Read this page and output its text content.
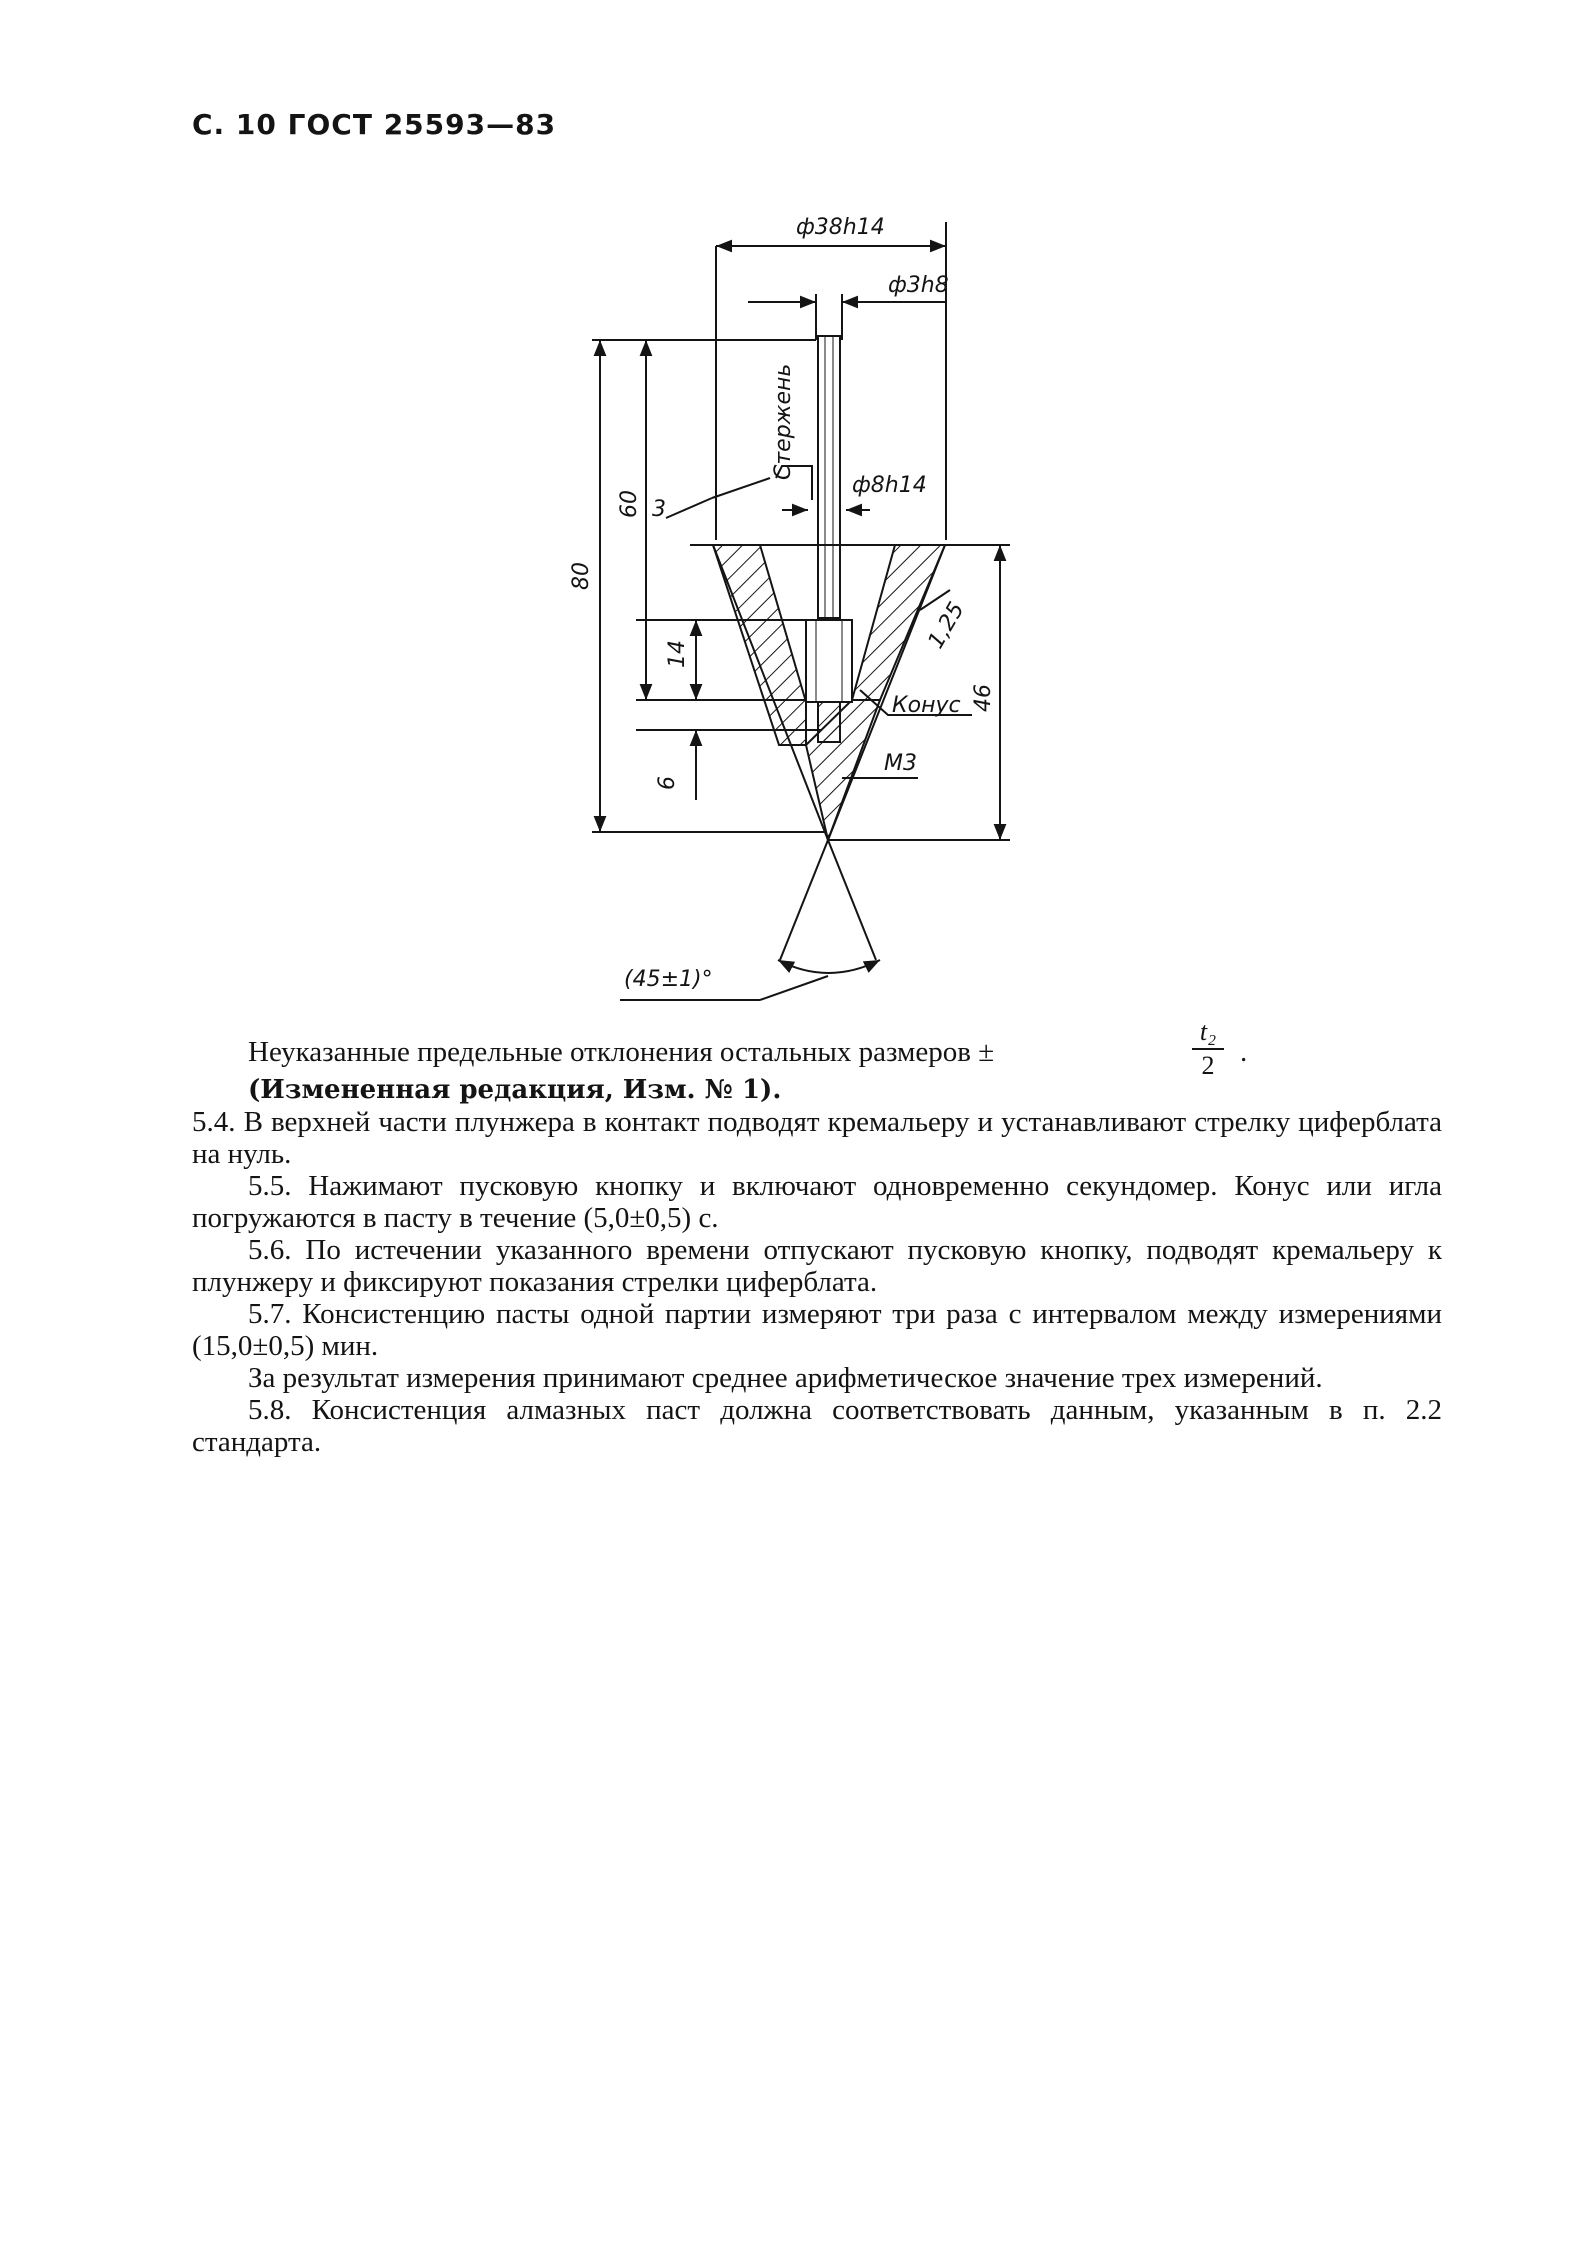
С. 10 ГОСТ 25593—83
ф38h14
ф3h8
ф8h14
Стержень
Конус
М3
80
60 3
14
6
46
1,25
(45±1)°
Неуказанные предельные отклонения остальных размеров ±
t₂
2 .
(Измененная редакция, Изм. № 1).
5.4. В верхней части плунжера в контакт подводят кремальеру и устанавливают стрелку циферблата на нуль.
5.5. Нажимают пусковую кнопку и включают одновременно секундомер. Конус или игла погружаются в пасту в течение (5,0±0,5) с.
5.6. По истечении указанного времени отпускают пусковую кнопку, подводят кремальеру к плунжеру и фиксируют показания стрелки циферблата.
5.7. Консистенцию пасты одной партии измеряют три раза с интервалом между измерениями (15,0±0,5) мин.
За результат измерения принимают среднее арифметическое значение трех измерений.
5.8. Консистенция алмазных паст должна соответствовать данным, указанным в п. 2.2 стандарта.
